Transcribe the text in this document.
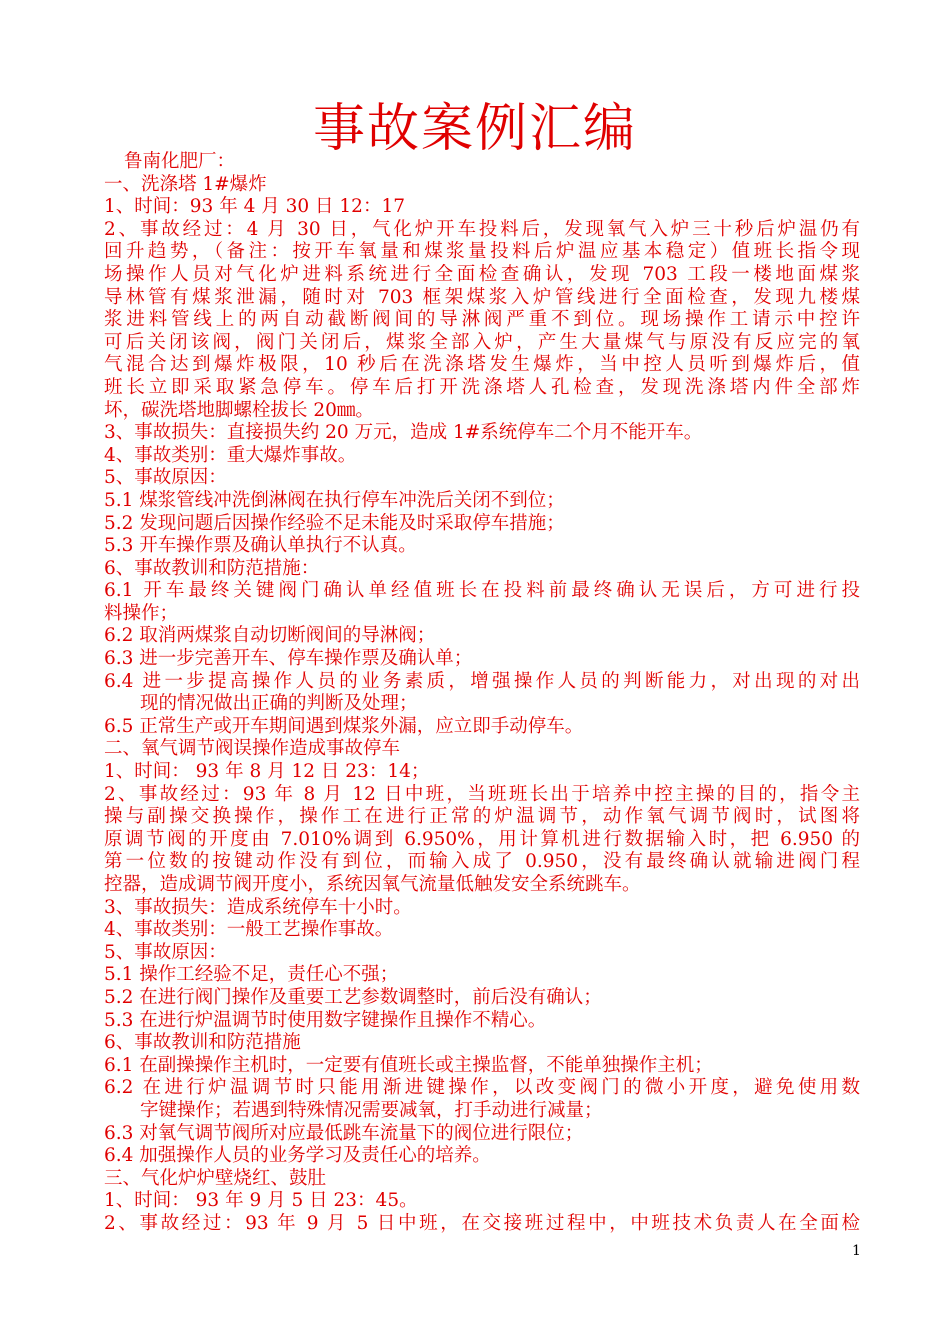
事故案例汇编
鲁南化肥厂：
一、洗涤塔 1#爆炸
1、时间：93 年 4 月 30 日 12：17
2、事故经过：4 月 30 日，气化炉开车投料后，发现氧气入炉三十秒后炉温仍有
回升趋势，（备注：按开车氧量和煤浆量投料后炉温应基本稳定）值班长指令现
场操作人员对气化炉进料系统进行全面检查确认，发现 703 工段一楼地面煤浆
导林管有煤浆泄漏，随时对 703 框架煤浆入炉管线进行全面检查，发现九楼煤
浆进料管线上的两自动截断阀间的导淋阀严重不到位。现场操作工请示中控许
可后关闭该阀，阀门关闭后，煤浆全部入炉，产生大量煤气与原没有反应完的氧
气混合达到爆炸极限，10 秒后在洗涤塔发生爆炸，当中控人员听到爆炸后，值
班长立即采取紧急停车。停车后打开洗涤塔人孔检查，发现洗涤塔内件全部炸
坏，碳洗塔地脚螺栓拔长 20㎜。
3、事故损失：直接损失约 20 万元，造成 1#系统停车二个月不能开车。
4、事故类别：重大爆炸事故。
5、事故原因：
5.1 煤浆管线冲洗倒淋阀在执行停车冲洗后关闭不到位；
5.2 发现问题后因操作经验不足未能及时采取停车措施；
5.3 开车操作票及确认单执行不认真。
6、事故教训和防范措施：
6.1 开车最终关键阀门确认单经值班长在投料前最终确认无误后，方可进行投
料操作；
6.2 取消两煤浆自动切断阀间的导淋阀；
6.3 进一步完善开车、停车操作票及确认单；
6.4 进一步提高操作人员的业务素质，增强操作人员的判断能力，对出现的对出
现的情况做出正确的判断及处理；
6.5 正常生产或开车期间遇到煤浆外漏，应立即手动停车。
二、氧气调节阀误操作造成事故停车
1、时间： 93 年 8 月 12 日 23：14；
2、事故经过：93 年 8 月 12 日中班，当班班长出于培养中控主操的目的，指令主
操与副操交换操作，操作工在进行正常的炉温调节，动作氧气调节阀时，试图将
原调节阀的开度由 7.010%调到 6.950%，用计算机进行数据输入时，把 6.950 的
第一位数的按键动作没有到位，而输入成了 0.950，没有最终确认就输进阀门程
控器，造成调节阀开度小，系统因氧气流量低触发安全系统跳车。
3、事故损失：造成系统停车十小时。
4、事故类别：一般工艺操作事故。
5、事故原因：
5.1 操作工经验不足，责任心不强；
5.2 在进行阀门操作及重要工艺参数调整时，前后没有确认；
5.3 在进行炉温调节时使用数字键操作且操作不精心。
6、事故教训和防范措施
6.1 在副操操作主机时，一定要有值班长或主操监督，不能单独操作主机；
6.2 在进行炉温调节时只能用渐进键操作，以改变阀门的微小开度，避免使用数
字键操作；若遇到特殊情况需要减氧，打手动进行减量；
6.3 对氧气调节阀所对应最低跳车流量下的阀位进行限位；
6.4 加强操作人员的业务学习及责任心的培养。
三、气化炉炉壁烧红、鼓肚
1、时间： 93 年 9 月 5 日 23：45。
2、事故经过：93 年 9 月 5 日中班，在交接班过程中，中班技术负责人在全面检
1
